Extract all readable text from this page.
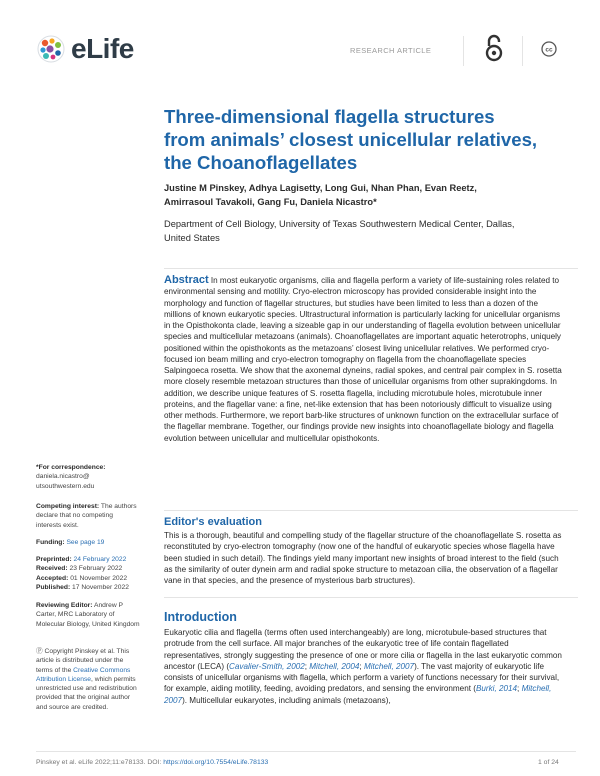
eLife	RESEARCH ARTICLE	cc
Three-dimensional flagella structures
from animals’ closest unicellular relatives,
the Choanoflagellates
Justine M Pinskey, Adhya Lagisetty, Long Gui, Nhan Phan, Evan Reetz,
Amirrasoul Tavakoli, Gang Fu, Daniela Nicastro*
Department of Cell Biology, University of Texas Southwestern Medical Center, Dallas,
United States
Abstract In most eukaryotic organisms, cilia and flagella perform a variety of life-sustaining roles related to environmental sensing and motility. Cryo-electron microscopy has provided considerable insight into the morphology and function of flagellar structures, but studies have been limited to less than a dozen of the millions of known eukaryotic species. Ultrastructural information is particularly lacking for unicellular organisms in the Opisthokonta clade, leaving a sizeable gap in our understanding of flagella evolution between unicellular species and multicellular metazoans (animals). Choanoflagellates are important aquatic heterotrophs, uniquely positioned within the opisthokonts as the metazoans’ closest living unicellular relatives. We performed cryo-focused ion beam milling and cryo-electron tomography on flagella from the choanoflagellate species Salpingoeca rosetta. We show that the axonemal dyneins, radial spokes, and central pair complex in S. rosetta more closely resemble metazoan structures than those of unicellular organisms from other suprakingdoms. In addition, we describe unique features of S. rosetta flagella, including microtubule holes, microtubule inner proteins, and the flagellar vane: a fine, net-like extension that has been notoriously difficult to visualize using other methods. Furthermore, we report barb-like structures of unknown function on the extracellular surface of the flagellar membrane. Together, our findings provide new insights into choanoflagellate biology and flagella evolution between unicellular and multicellular opisthokonts.
Editor's evaluation
This is a thorough, beautiful and compelling study of the flagellar structure of the choanoflagellate S. rosetta as reconstituted by cryo-electron tomography (now one of the handful of eukaryotic species whose flagella have been studied in such detail). The findings yield many important new insights of broad interest to the field (such as the similarity of outer dynein arm and radial spoke structure to metazoan cilia, the observation of a flagellar vane in that species, and the presence of mysterious barb structures).
Introduction
Eukaryotic cilia and flagella (terms often used interchangeably) are long, microtubule-based structures that protrude from the cell surface. All major branches of the eukaryotic tree of life contain flagellated representatives, strongly suggesting the presence of one or more cilia or flagella in the last eukaryotic common ancestor (LECA) (Cavalier-Smith, 2002; Mitchell, 2004; Mitchell, 2007). The vast majority of eukaryotic life consists of unicellular organisms with flagella, which perform a variety of functions necessary for their survival, for example, aiding motility, feeding, avoiding predators, and sensing the environment (Burki, 2014; Mitchell, 2007). Multicellular eukaryotes, including animals (metazoans),
*For correspondence:
daniela.nicastro@
utsouthwestern.edu
Competing interest: The authors declare that no competing interests exist.
Funding: See page 19
Preprinted: 24 February 2022
Received: 23 February 2022
Accepted: 01 November 2022
Published: 17 November 2022
Reviewing Editor: Andrew P Carter, MRC Laboratory of Molecular Biology, United Kingdom
Ⓟ Copyright Pinskey et al. This article is distributed under the terms of the Creative Commons Attribution License, which permits unrestricted use and redistribution provided that the original author and source are credited.
Pinskey et al. eLife 2022;11:e78133. DOI: https://doi.org/10.7554/eLife.78133	1 of 24
